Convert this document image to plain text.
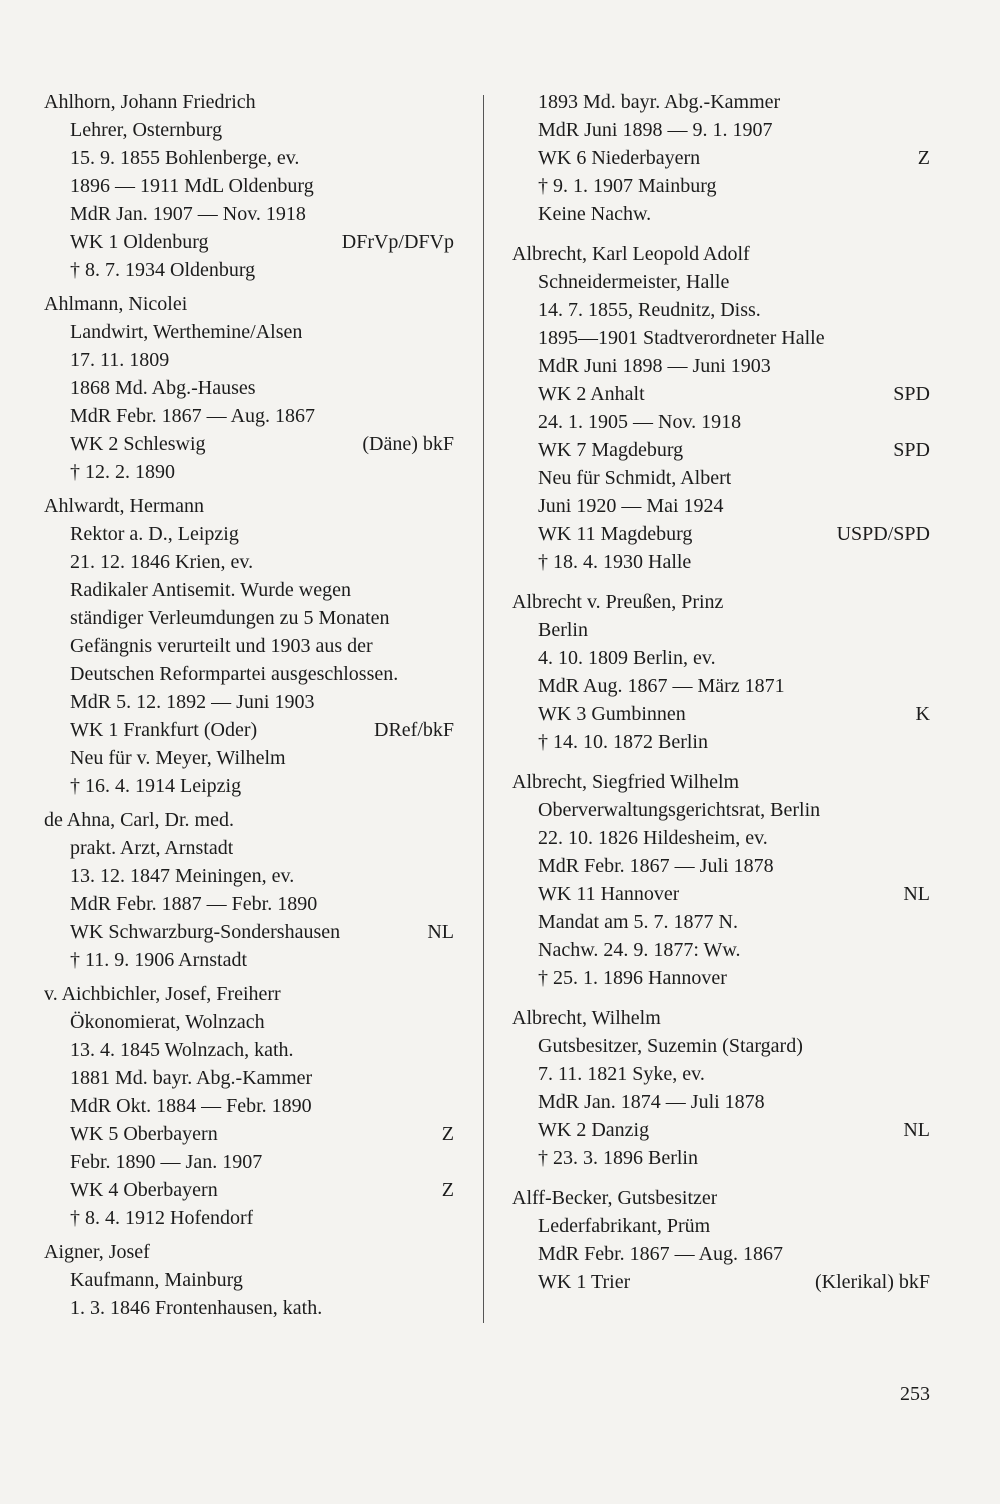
Ahlhorn, Johann Friedrich
Lehrer, Osternburg
15. 9. 1855 Bohlenberge, ev.
1896 — 1911 MdL Oldenburg
MdR Jan. 1907 — Nov. 1918
WK 1 Oldenburg	DFrVp/DFVp
† 8. 7. 1934 Oldenburg
Ahlmann, Nicolei
Landwirt, Werthemine/Alsen
17. 11. 1809
1868 Md. Abg.-Hauses
MdR Febr. 1867 — Aug. 1867
WK 2 Schleswig	(Däne) bkF
† 12. 2. 1890
Ahlwardt, Hermann
Rektor a. D., Leipzig
21. 12. 1846 Krien, ev.
Radikaler Antisemit. Wurde wegen
ständiger Verleumdungen zu 5 Monaten
Gefängnis verurteilt und 1903 aus der
Deutschen Reformpartei ausgeschlossen.
MdR 5. 12. 1892 — Juni 1903
WK 1 Frankfurt (Oder)	DRef/bkF
Neu für v. Meyer, Wilhelm
† 16. 4. 1914 Leipzig
de Ahna, Carl, Dr. med.
prakt. Arzt, Arnstadt
13. 12. 1847 Meiningen, ev.
MdR Febr. 1887 — Febr. 1890
WK Schwarzburg-Sondershausen	NL
† 11. 9. 1906 Arnstadt
v. Aichbichler, Josef, Freiherr
Ökonomierat, Wolnzach
13. 4. 1845 Wolnzach, kath.
1881 Md. bayr. Abg.-Kammer
MdR Okt. 1884 — Febr. 1890
WK 5 Oberbayern	Z
Febr. 1890 — Jan. 1907
WK 4 Oberbayern	Z
† 8. 4. 1912 Hofendorf
Aigner, Josef
Kaufmann, Mainburg
1. 3. 1846 Frontenhausen, kath.
1893 Md. bayr. Abg.-Kammer
MdR Juni 1898 — 9. 1. 1907
WK 6 Niederbayern	Z
† 9. 1. 1907 Mainburg
Keine Nachw.
Albrecht, Karl Leopold Adolf
Schneidermeister, Halle
14. 7. 1855, Reudnitz, Diss.
1895—1901 Stadtverordneter Halle
MdR Juni 1898 — Juni 1903
WK 2 Anhalt	SPD
24. 1. 1905 — Nov. 1918
WK 7 Magdeburg	SPD
Neu für Schmidt, Albert
Juni 1920 — Mai 1924
WK 11 Magdeburg	USPD/SPD
† 18. 4. 1930 Halle
Albrecht v. Preußen, Prinz
Berlin
4. 10. 1809 Berlin, ev.
MdR Aug. 1867 — März 1871
WK 3 Gumbinnen	K
† 14. 10. 1872 Berlin
Albrecht, Siegfried Wilhelm
Oberverwaltungsgerichtsrat, Berlin
22. 10. 1826 Hildesheim, ev.
MdR Febr. 1867 — Juli 1878
WK 11 Hannover	NL
Mandat am 5. 7. 1877 N.
Nachw. 24. 9. 1877: Ww.
† 25. 1. 1896 Hannover
Albrecht, Wilhelm
Gutsbesitzer, Suzemin (Stargard)
7. 11. 1821 Syke, ev.
MdR Jan. 1874 — Juli 1878
WK 2 Danzig	NL
† 23. 3. 1896 Berlin
Alff-Becker, Gutsbesitzer
Lederfabrikant, Prüm
MdR Febr. 1867 — Aug. 1867
WK 1 Trier	(Klerikal) bkF
253
